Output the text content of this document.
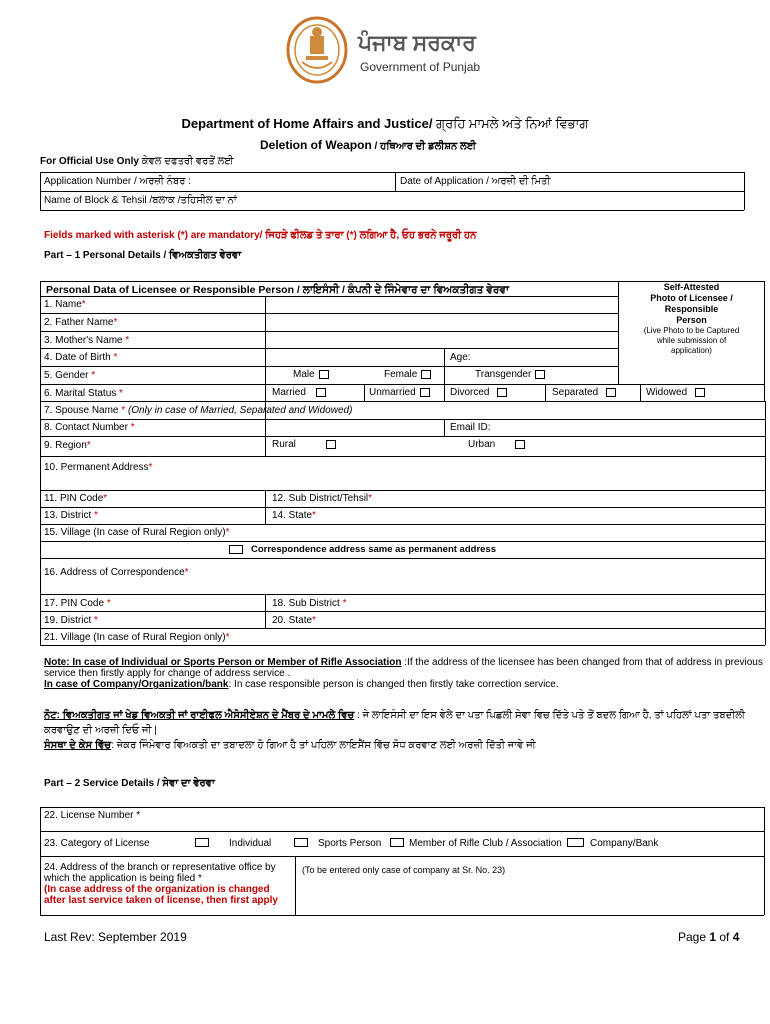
ਪੰਜਾਬ ਸਰਕਾਰ
Government of Punjab
Department of Home Affairs and Justice/ ਗ੍ਰਹਿ ਮਾਮਲੇ ਅਤੇ ਨਿਆਂ ਵਿਭਾਗ
Deletion of Weapon / ਹਥਿਆਰ ਦੀ ਡਲੀਸ਼ਨ ਲਈ
For Official Use Only ਕੇਵਲ ਦਫਤਰੀ ਵਰਤੋਂ ਲਈ
Application Number / ਅਰਜ਼ੀ ਨੰਬਰ :	Date of Application / ਅਰਜ਼ੀ ਦੀ ਮਿਤੀ
Name of Block & Tehsil /ਬਲਾਕ /ਤਹਿਸੀਲ ਦਾ ਨਾਂ
Fields marked with asterisk (*) are mandatory/ ਜਿਹੜੇ ਫੀਲਡ ਤੇ ਤਾਰਾ (*) ਲਗਿਆ ਹੈ, ਓਹ ਭਰਨੇ ਜਰੂਰੀ ਹਨ
Part – 1 Personal Details / ਵਿਅਕਤੀਗਤ ਵੇਰਵਾ
Personal Data of Licensee or Responsible Person / ਲਾਇਸੰਸੀ / ਕੰਪਨੀ ਦੇ ਜਿੰਮੇਵਾਰ ਦਾ ਵਿਅਕਤੀਗਤ ਵੇਰਵਾ	Self-Attested Photo of Licensee / Responsible Person
(Live Photo to be Captured while submission of application)
1. Name*
2. Father Name*
3. Mother's Name *
4. Date of Birth *	Age:
5. Gender *	Male	Female	Transgender
6. Marital Status *	Married	Unmarried	Divorced	Separated	Widowed
7. Spouse Name * (Only in case of Married, Separated and Widowed)
8. Contact Number *	Email ID:
9. Region*	Rural	Urban
10. Permanent Address*
11. PIN Code*	12. Sub District/Tehsil*
13. District *	14. State*
15. Village (In case of Rural Region only)*
Correspondence address same as permanent address
16. Address of Correspondence*
17. PIN Code *	18. Sub District *
19. District *	20. State*
21. Village (In case of Rural Region only)*
Note: In case of Individual or Sports Person or Member of Rifle Association :If the address of the licensee has been changed from that of address in previous service then firstly apply for change of address service .
In case of Company/Organization/bank: In case responsible person is changed then firstly take correction service.
ਨੋਟ: ਵਿਅਕਤੀਗਤ ਜਾਂ ਖੇਡ ਵਿਅਕਤੀ ਜਾਂ ਰਾਈਫਲ ਐਸੋਸੀਏਸ਼ਨ ਦੇ ਮੈਂਬਰ ਦੇ ਮਾਮਲੇ ਵਿਚ : ਜੇ ਲਾਇਸੰਸੀ ਦਾ ਇਸ ਵੇਲੇ ਦਾ ਪਤਾ ਪਿਛਲੀ ਸੇਵਾ ਵਿਚ ਦਿੱਤੇ ਪਤੇ ਤੋਂ ਬਦਲ ਗਿਆ ਹੈ, ਤਾਂ ਪਹਿਲਾਂ ਪਤਾ ਤਬਦੀਲੀ ਕਰਵਾਉਣ ਦੀ ਅਰਜ਼ੀ ਦਿਓ ਜੀ |
ਸੰਸਥਾ ਦੇ ਕੇਸ ਵਿੱਚ: ਜੇਕਰ ਜਿੰਮੇਵਾਰ ਵਿਅਕਤੀ ਦਾ ਤਬਾਦਲਾ ਹੋ ਗਿਆ ਹੈ ਤਾਂ ਪਹਿਲਾ ਲਾਇਸੈਂਸ ਵਿੱਚ ਸੋਧ ਕਰਵਾਣ ਲਈ ਅਰਜ਼ੀ ਦਿੱਤੀ ਜਾਵੇ ਜੀ
Part – 2 Service Details / ਸੇਵਾ ਦਾ ਵੇਰਵਾ
22. License Number *
23. Category of License	Individual	Sports Person	Member of Rifle Club / Association	Company/Bank
24. Address of the branch or representative office by which the application is being filed *
(In case address of the organization is changed after last service taken of license, then first apply
(To be entered only case of company at Sr. No. 23)
Last Rev: September 2019	Page 1 of 4
